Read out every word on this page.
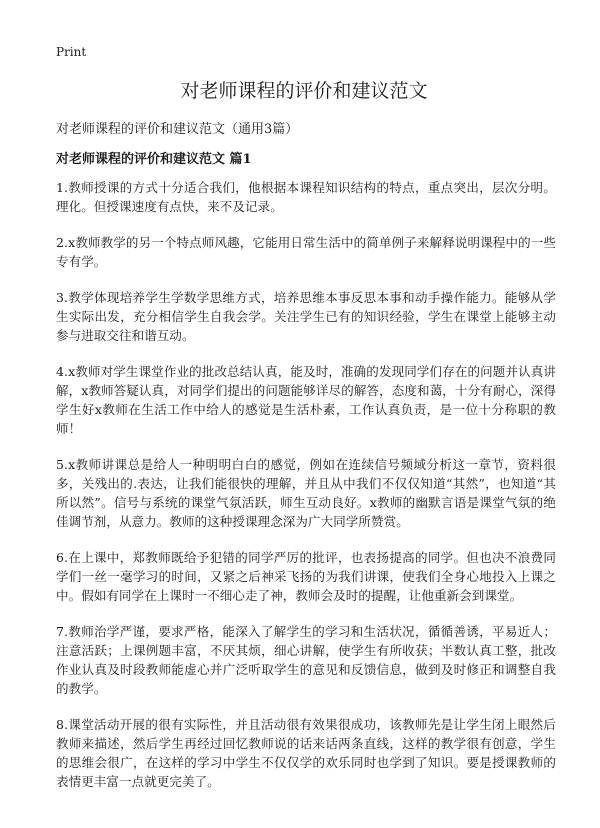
Print
对老师课程的评价和建议范文

对老师课程的评价和建议范文（通用3篇）

对老师课程的评价和建议范文 篇1

1.教师授课的方式十分适合我们，他根据本课程知识结构的特点，重点突出，层次分明。理化。但授课速度有点快，来不及记录。

2.x教师教学的另一个特点师风趣，它能用日常生活中的简单例子来解释说明课程中的一些专有学。

3.教学体现培养学生学数学思维方式，培养思维本事反思本事和动手操作能力。能够从学生实际出发，充分相信学生自我会学。关注学生已有的知识经验，学生在课堂上能够主动参与进取交往和谐互动。

4.x教师对学生课堂作业的批改总结认真，能及时，准确的发现同学们存在的问题并认真讲解，x教师答疑认真，对同学们提出的问题能够详尽的解答，态度和蔼，十分有耐心，深得学生好x教师在生活工作中给人的感觉是生活朴素，工作认真负责，是一位十分称职的教师！

5.x教师讲课总是给人一种明明白白的感觉，例如在连续信号频域分析这一章节，资料很多，关残出的.表达，让我们能很快的理解，并且从中我们不仅仅知道“其然”，也知道“其所以然”。信号与系统的课堂气氛活跃，师生互动良好。x教师的幽默言语是课堂气氛的绝佳调节剂，从意力。教师的这种授课理念深为广大同学所赞赏。

6.在上课中，郑教师既给予犯错的同学严厉的批评，也表扬提高的同学。但也决不浪费同学们一丝一毫学习的时间，又紧之后神采飞扬的为我们讲课，使我们全身心地投入上课之中。假如有同学在上课时一不细心走了神，教师会及时的提醒，让他重新会到课堂。

7.教师治学严谨，要求严格，能深入了解学生的学习和生活状况，循循善诱，平易近人；注意活跃；上课例题丰富，不厌其烦，细心讲解，使学生有所收获；半数认真工整，批改作业认真及时段教师能虚心并广泛听取学生的意见和反馈信息，做到及时修正和调整自我的教学。

8.课堂活动开展的很有实际性，并且活动很有效果很成功，该教师先是让学生闭上眼然后教师来描述，然后学生再经过回忆教师说的话来话两条直线，这样的教学很有创意，学生的思维会很广，在这样的学习中学生不仅仅学的欢乐同时也学到了知识。要是授课教师的表情更丰富一点就更完美了。
